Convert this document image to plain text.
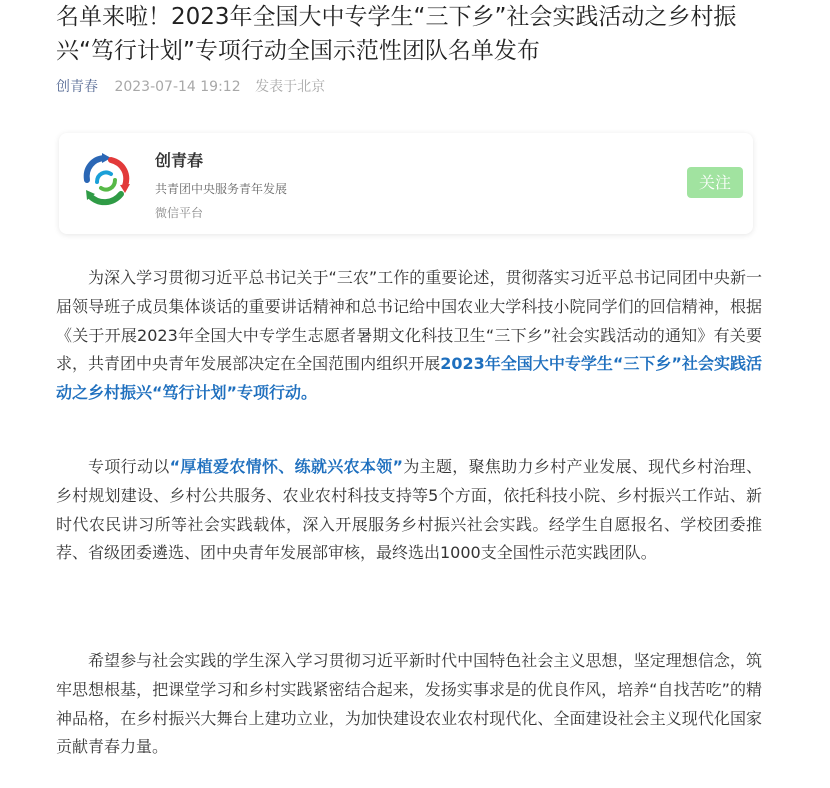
名单来啦！2023年全国大中专学生“三下乡”社会实践活动之乡村振兴“笃行计划”专项行动全国示范性团队名单发布
创青春 2023-07-14 19:12 发表于北京
创青春
共青团中央服务青年发展
微信平台
关注

为深入学习贯彻习近平总书记关于“三农”工作的重要论述，贯彻落实习近平总书记同团中央新一届领导班子成员集体谈话的重要讲话精神和总书记给中国农业大学科技小院同学们的回信精神，根据《关于开展2023年全国大中专学生志愿者暑期文化科技卫生“三下乡”社会实践活动的通知》有关要求，共青团中央青年发展部决定在全国范围内组织开展2023年全国大中专学生“三下乡”社会实践活动之乡村振兴“笃行计划”专项行动。

专项行动以“厚植爱农情怀、练就兴农本领”为主题，聚焦助力乡村产业发展、现代乡村治理、乡村规划建设、乡村公共服务、农业农村科技支持等5个方面，依托科技小院、乡村振兴工作站、新时代农民讲习所等社会实践载体，深入开展服务乡村振兴社会实践。经学生自愿报名、学校团委推荐、省级团委遴选、团中央青年发展部审核，最终选出1000支全国性示范实践团队。

希望参与社会实践的学生深入学习贯彻习近平新时代中国特色社会主义思想，坚定理想信念，筑牢思想根基，把课堂学习和乡村实践紧密结合起来，发扬实事求是的优良作风，培养“自找苦吃”的精神品格，在乡村振兴大舞台上建功立业，为加快建设农业农村现代化、全面建设社会主义现代化国家贡献青春力量。
